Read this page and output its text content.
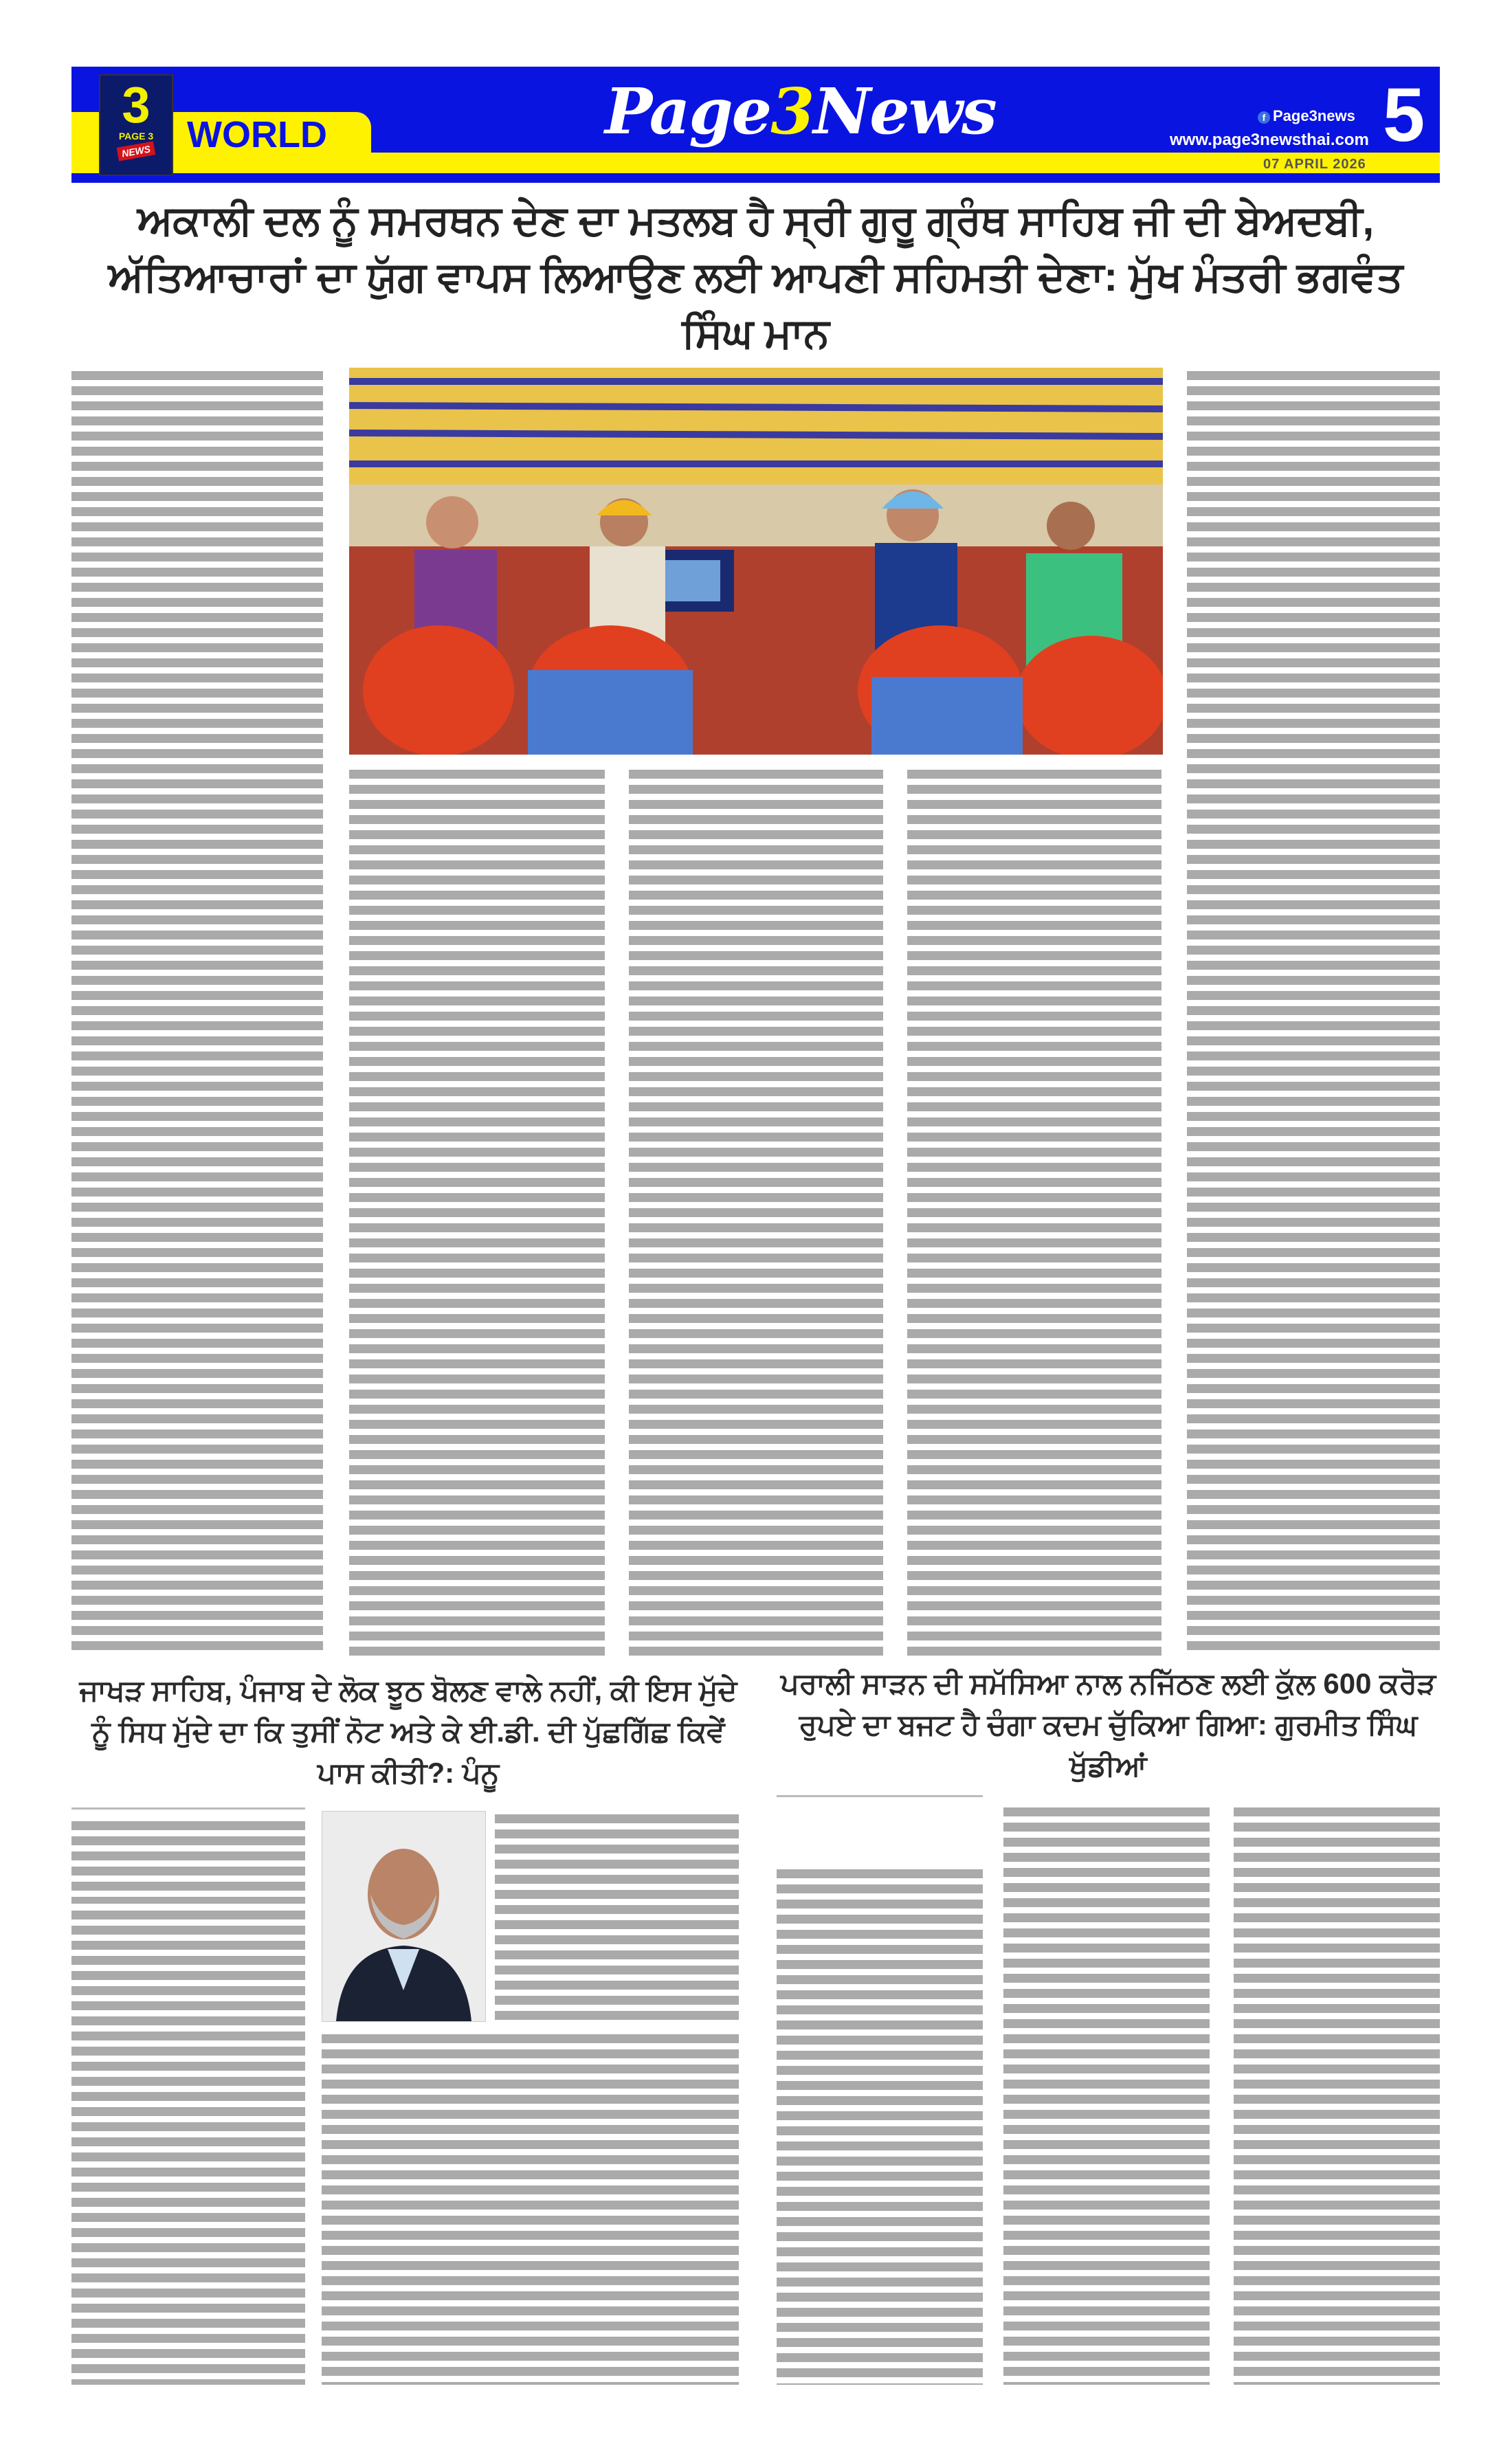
3
PAGE 3
NEWS WORLD	Page3News	f Page3news
www.page3newsthai.com 5
07 APRIL 2026
ਅਕਾਲੀ ਦਲ ਨੂੰ ਸਮਰਥਨ ਦੇਣ ਦਾ ਮਤਲਬ ਹੈ ਸ੍ਰੀ ਗੁਰੂ ਗ੍ਰੰਥ ਸਾਹਿਬ ਜੀ ਦੀ ਬੇਅਦਬੀ, ਅੱਤਿਆਚਾਰਾਂ ਦਾ ਯੁੱਗ ਵਾਪਸ ਲਿਆਉਣ ਲਈ ਆਪਣੀ ਸਹਿਮਤੀ ਦੇਣਾ: ਮੁੱਖ ਮੰਤਰੀ ਭਗਵੰਤ ਸਿੰਘ ਮਾਨ
ਜਾਖੜ ਸਾਹਿਬ, ਪੰਜਾਬ ਦੇ ਲੋਕ ਝੂਠ ਬੋਲਣ ਵਾਲੇ ਨਹੀਂ, ਕੀ ਇਸ ਮੁੱਦੇ ਨੂੰ ਸਿਧ ਮੁੱਦੇ ਦਾ ਕਿ ਤੁਸੀਂ ਨੋਟ ਅਤੇ ਕੇ ਈ.ਡੀ. ਦੀ ਪੁੱਛਗਿੱਛ ਕਿਵੇਂ ਪਾਸ ਕੀਤੀ?: ਪੰਨੂ
ਪਰਾਲੀ ਸਾੜਨ ਦੀ ਸਮੱਸਿਆ ਨਾਲ ਨਜਿੱਠਣ ਲਈ ਕੁੱਲ 600 ਕਰੋੜ ਰੁਪਏ ਦਾ ਬਜਟ ਹੈ ਚੰਗਾ ਕਦਮ ਚੁੱਕਿਆ ਗਿਆ: ਗੁਰਮੀਤ ਸਿੰਘ ਖੁੱਡੀਆਂ
